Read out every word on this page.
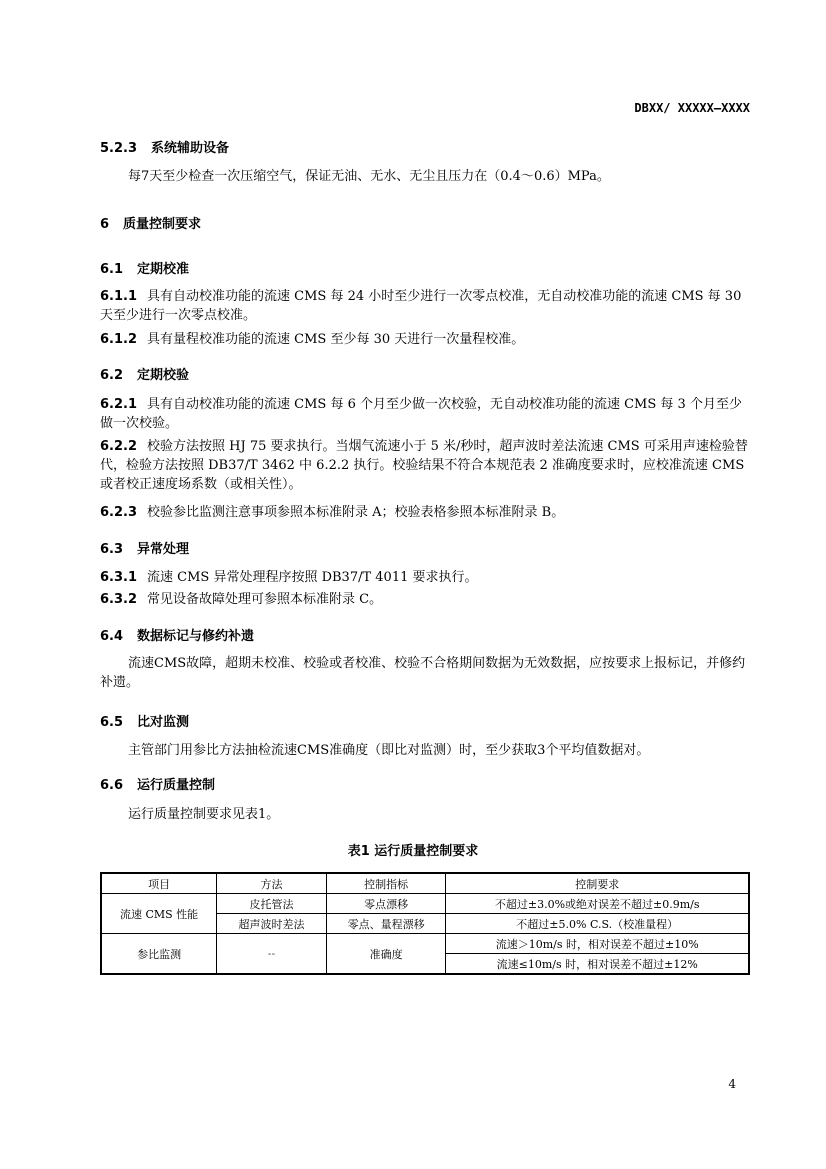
DBXX/ XXXXX—XXXX
5.2.3 系统辅助设备
每7天至少检查一次压缩空气，保证无油、无水、无尘且压力在（0.4～0.6）MPa。
6 质量控制要求
6.1 定期校准
6.1.1 具有自动校准功能的流速 CMS 每 24 小时至少进行一次零点校准，无自动校准功能的流速 CMS 每 30 天至少进行一次零点校准。
6.1.2 具有量程校准功能的流速 CMS 至少每 30 天进行一次量程校准。
6.2 定期校验
6.2.1 具有自动校准功能的流速 CMS 每 6 个月至少做一次校验，无自动校准功能的流速 CMS 每 3 个月至少做一次校验。
6.2.2 校验方法按照 HJ 75 要求执行。当烟气流速小于 5 米/秒时，超声波时差法流速 CMS 可采用声速检验替代，检验方法按照 DB37/T 3462 中 6.2.2 执行。校验结果不符合本规范表 2 准确度要求时，应校准流速 CMS 或者校正速度场系数（或相关性）。
6.2.3 校验参比监测注意事项参照本标准附录 A；校验表格参照本标准附录 B。
6.3 异常处理
6.3.1 流速 CMS 异常处理程序按照 DB37/T 4011 要求执行。
6.3.2 常见设备故障处理可参照本标准附录 C。
6.4 数据标记与修约补遗
流速CMS故障，超期未校准、校验或者校准、校验不合格期间数据为无效数据，应按要求上报标记，并修约补遗。
6.5 比对监测
主管部门用参比方法抽检流速CMS准确度（即比对监测）时，至少获取3个平均值数据对。
6.6 运行质量控制
运行质量控制要求见表1。
表1 运行质量控制要求
项目	方法	控制指标	控制要求
流速 CMS 性能	皮托管法	零点漂移	不超过±3.0%或绝对误差不超过±0.9m/s
	超声波时差法	零点、量程漂移	不超过±5.0% C.S.（校准量程）
参比监测	--	准确度	流速＞10m/s 时，相对误差不超过±10%
			流速≤10m/s 时，相对误差不超过±12%
4
